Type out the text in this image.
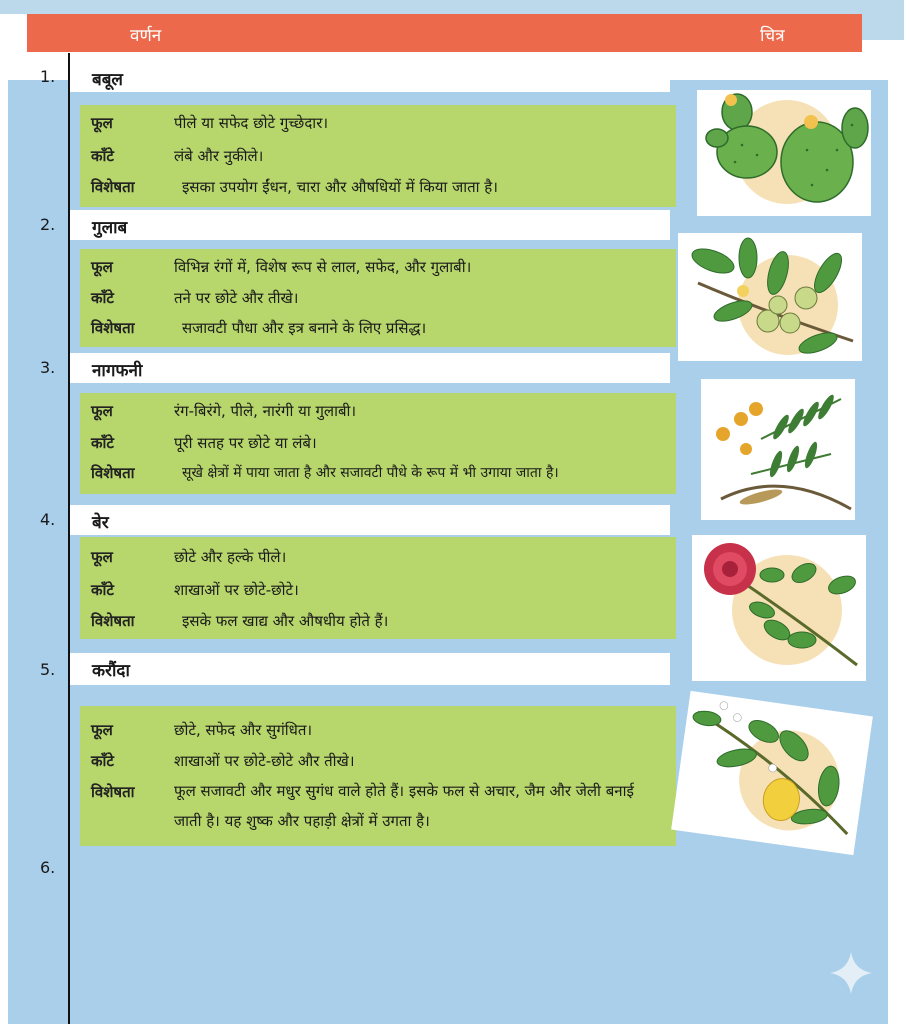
वर्णन	चित्र
1. बबूल
फूल	पीले या सफेद छोटे गुच्छेदार।
काँटे	लंबे और नुकीले।
विशेषता	इसका उपयोग ईंधन, चारा और औषधियों में किया जाता है।
2. गुलाब
फूल	विभिन्न रंगों में, विशेष रूप से लाल, सफेद, और गुलाबी।
काँटे	तने पर छोटे और तीखे।
विशेषता	सजावटी पौधा और इत्र बनाने के लिए प्रसिद्ध।
3. नागफनी
फूल	रंग-बिरंगे, पीले, नारंगी या गुलाबी।
काँटे	पूरी सतह पर छोटे या लंबे।
विशेषता	सूखे क्षेत्रों में पाया जाता है और सजावटी पौधे के रूप में भी उगाया जाता है।
4. बेर
फूल	छोटे और हल्के पीले।
काँटे	शाखाओं पर छोटे-छोटे।
विशेषता	इसके फल खाद्य और औषधीय होते हैं।
5. करौंदा
फूल	छोटे, सफेद और सुगंधित।
काँटे	शाखाओं पर छोटे-छोटे और तीखे।
विशेषता	फूल सजावटी और मधुर सुगंध वाले होते हैं। इसके फल से अचार, जैम और जेली बनाई जाती है। यह शुष्क और पहाड़ी क्षेत्रों में उगता है।
6.
